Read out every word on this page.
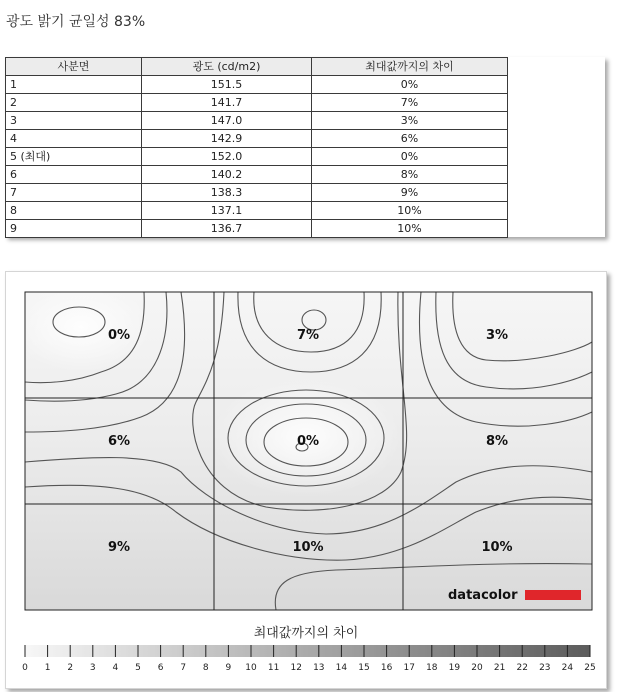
광도 밝기 균일성 83%
사분면	광도 (cd/m2)	최대값까지의 차이
1	151.5	0%
2	141.7	7%
3	147.0	3%
4	142.9	6%
5 (최대)	152.0	0%
6	140.2	8%
7	138.3	9%
8	137.1	10%
9	136.7	10%
0%	7%	3%
6%	0%	8%
9%	10%	10%
datacolor
최대값까지의 차이
0 1 2 3 4 5 6 7 8 9 10 11 12 13 14 15 16 17 18 19 20 21 22 23 24 25
